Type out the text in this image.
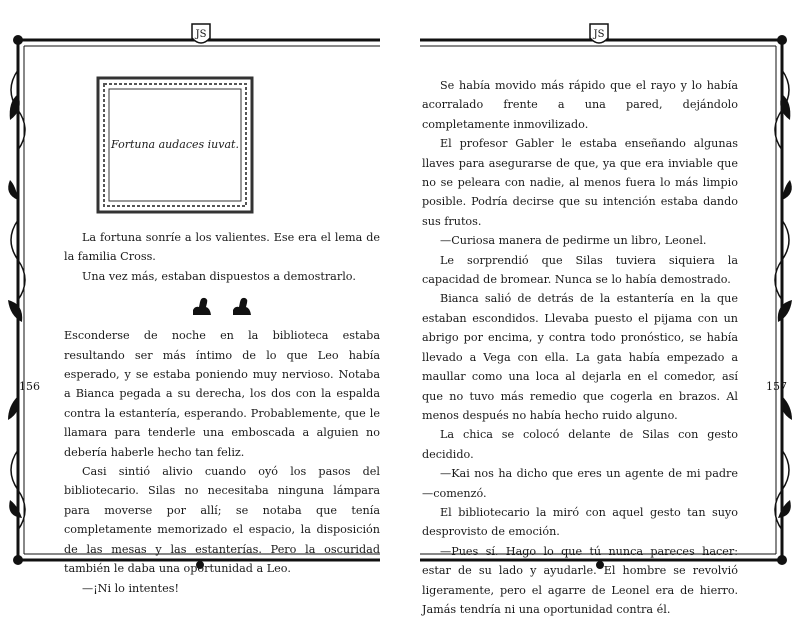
JS	JS
156	157
Fortuna audaces iuvat.

La fortuna sonríe a los valientes. Ese era el lema de la familia Cross.

Una vez más, estaban dispuestos a demostrarlo.

Esconderse de noche en la biblioteca estaba resultando ser más íntimo de lo que Leo había esperado, y se estaba poniendo muy nervioso. Notaba a Bianca pegada a su derecha, los dos con la espalda contra la estantería, esperando. Probablemente, que le llamara para tenderle una emboscada a alguien no debería haberle hecho tan feliz.

Casi sintió alivio cuando oyó los pasos del bibliotecario. Silas no necesitaba ninguna lámpara para moverse por allí; se notaba que tenía completamente memorizado el espacio, la disposición de las mesas y las estanterías. Pero la oscuridad también le daba una oportunidad a Leo.

—¡Ni lo intentes!

Se había movido más rápido que el rayo y lo había acorralado frente a una pared, dejándolo completamente inmovilizado.

El profesor Gabler le estaba enseñando algunas llaves para asegurarse de que, ya que era inviable que no se pelearа con nadie, al menos fuera lo más limpio posible. Podría decirse que su intención estaba dando sus frutos.

—Curiosa manera de pedirme un libro, Leonel.

Le sorprendió que Silas tuviera siquiera la capacidad de bromear. Nunca se lo había demostrado.

Bianca salió de detrás de la estantería en la que estaban escondidos. Llevaba puesto el pijama con un abrigo por encima, y contra todo pronóstico, se había llevado a Vega con ella. La gata había empezado a maullar como una loca al dejarla en el comedor, así que no tuvo más remedio que cogerla en brazos. Al menos después no había hecho ruido alguno.

La chica se colocó delante de Silas con gesto decidido.

—Kai nos ha dicho que eres un agente de mi padre —comenzó.

El bibliotecario la miró con aquel gesto tan suyo desprovisto de emoción.

—Pues sí. Hago lo que tú nunca pareces hacer: estar de su lado y ayudarle. El hombre se revolvió ligeramente, pero el agarre de Leonel era de hierro. Jamás tendría ni una oportunidad contra él.
